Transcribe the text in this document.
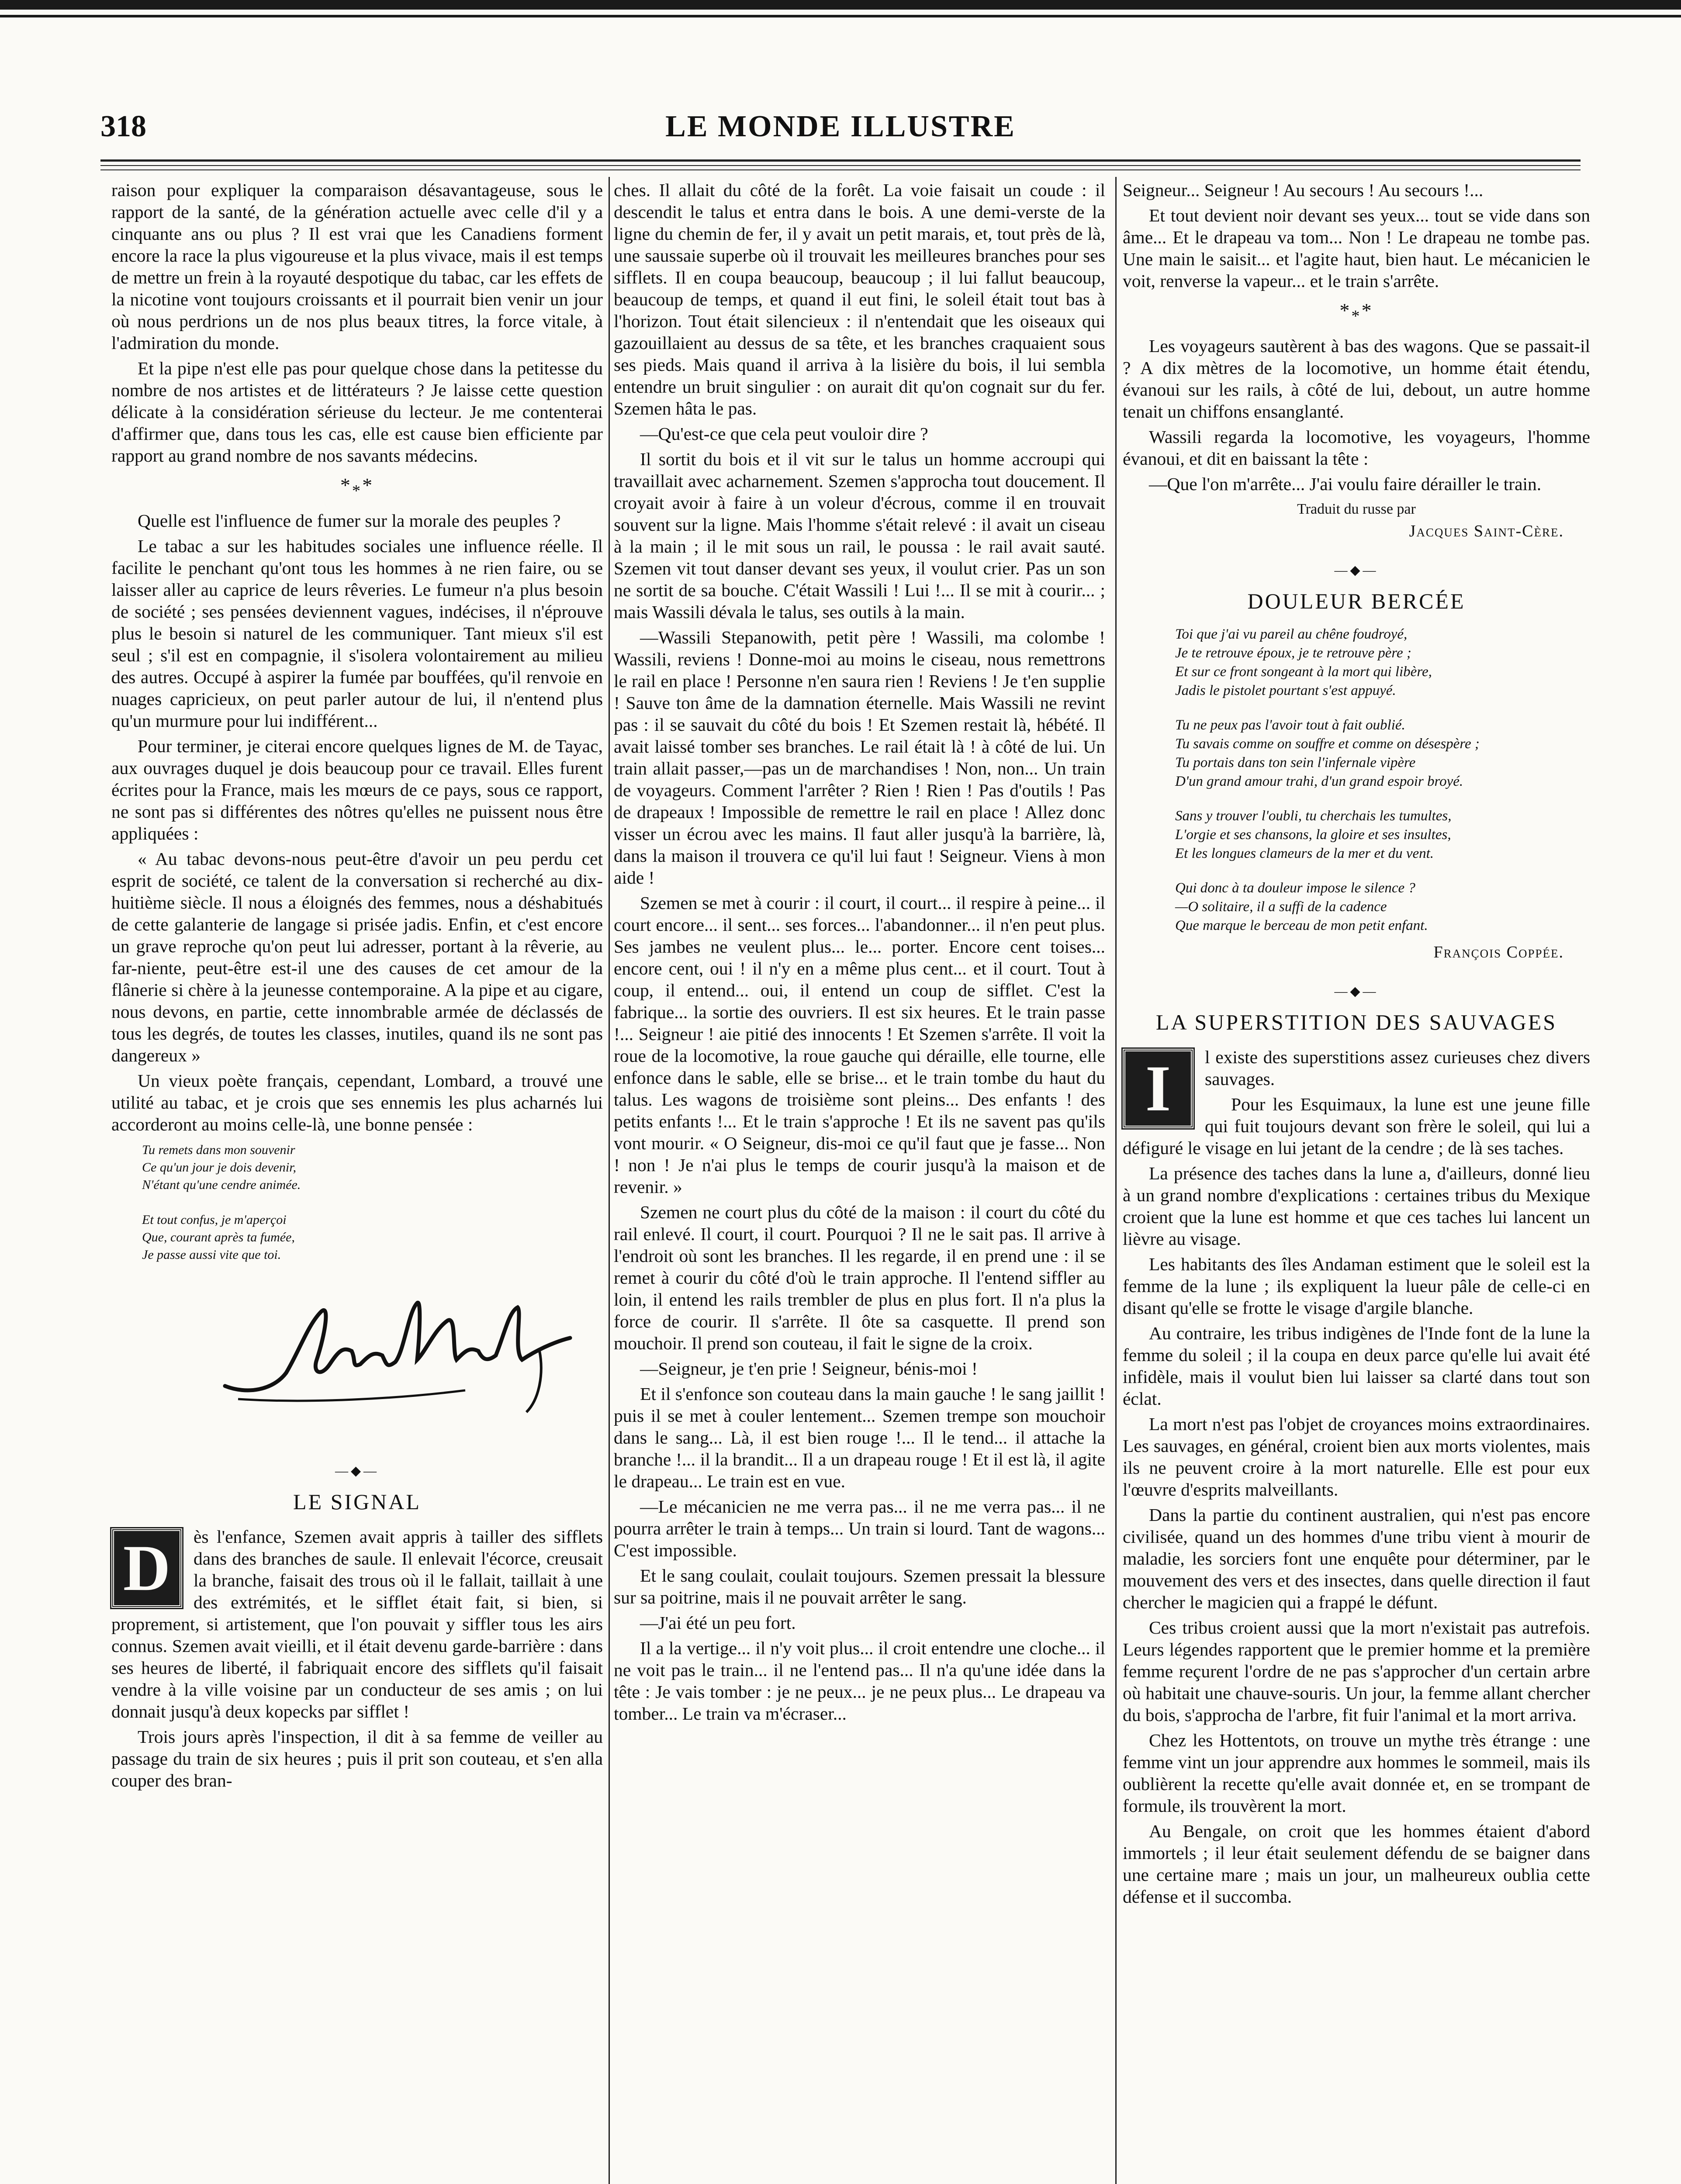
318	LE MONDE ILLUSTRE

raison pour expliquer la comparaison désavantageuse, sous le rapport de la santé, de la génération actuelle avec celle d'il y a cinquante ans ou plus ? Il est vrai que les Canadiens forment encore la race la plus vigoureuse et la plus vivace, mais il est temps de mettre un frein à la royauté despotique du tabac, car les effets de la nicotine vont toujours croissants et il pourrait bien venir un jour où nous perdrions un de nos plus beaux titres, la force vitale, à l'admiration du monde.

Et la pipe n'est elle pas pour quelque chose dans la petitesse du nombre de nos artistes et de littérateurs ? Je laisse cette question délicate à la considération sérieuse du lecteur. Je me contenterai d'affirmer que, dans tous les cas, elle est cause bien efficiente par rapport au grand nombre de nos savants médecins.

$*_**$

Quelle est l'influence de fumer sur la morale des peuples ?

Le tabac a sur les habitudes sociales une influence réelle. Il facilite le penchant qu'ont tous les hommes à ne rien faire, ou se laisser aller au caprice de leurs rêveries. Le fumeur n'a plus besoin de société ; ses pensées deviennent vagues, indécises, il n'éprouve plus le besoin si naturel de les communiquer. Tant mieux s'il est seul ; s'il est en compagnie, il s'isolera volontairement au milieu des autres. Occupé à aspirer la fumée par bouffées, qu'il renvoie en nuages capricieux, on peut parler autour de lui, il n'entend plus qu'un murmure pour lui indifférent...

Pour terminer, je citerai encore quelques lignes de M. de Tayac, aux ouvrages duquel je dois beaucoup pour ce travail. Elles furent écrites pour la France, mais les mœurs de ce pays, sous ce rapport, ne sont pas si différentes des nôtres qu'elles ne puissent nous être appliquées :

« Au tabac devons-nous peut-être d'avoir un peu perdu cet esprit de société, ce talent de la conversation si recherché au dix-huitième siècle. Il nous a éloignés des femmes, nous a déshabitués de cette galanterie de langage si prisée jadis. Enfin, et c'est encore un grave reproche qu'on peut lui adresser, portant à la rêverie, au far-niente, peut-être est-il une des causes de cet amour de la flânerie si chère à la jeunesse contemporaine. A la pipe et au cigare, nous devons, en partie, cette innombrable armée de déclassés de tous les degrés, de toutes les classes, inutiles, quand ils ne sont pas dangereux »

Un vieux poète français, cependant, Lombard, a trouvé une utilité au tabac, et je crois que ses ennemis les plus acharnés lui accorderont au moins celle-là, une bonne pensée :

Tu remets dans mon souvenir
Ce qu'un jour je dois devenir,
N'étant qu'une cendre animée.
Et tout confus, je m'aperçoi
Que, courant après ta fumée,
Je passe aussi vite que toi.
—◆—
LE SIGNAL

D	ès l'enfance, Szemen avait appris à tailler des sifflets dans des branches de saule. Il enlevait l'écorce, creusait la branche, faisait des trous où il le fallait, taillait à une des extrémités, et le sifflet était fait, si bien, si proprement, si artistement, que l'on pouvait y siffler tous les airs connus. Szemen avait vieilli, et il était devenu garde-barrière : dans ses heures de liberté, il fabriquait encore des sifflets qu'il faisait vendre à la ville voisine par un conducteur de ses amis ; on lui donnait jusqu'à deux kopecks par sifflet !

Trois jours après l'inspection, il dit à sa femme de veiller au passage du train de six heures ; puis il prit son couteau, et s'en alla couper des bran-

ches. Il allait du côté de la forêt. La voie faisait un coude : il descendit le talus et entra dans le bois. A une demi-verste de la ligne du chemin de fer, il y avait un petit marais, et, tout près de là, une saussaie superbe où il trouvait les meilleures branches pour ses sifflets. Il en coupa beaucoup, beaucoup ; il lui fallut beaucoup, beaucoup de temps, et quand il eut fini, le soleil était tout bas à l'horizon. Tout était silencieux : il n'entendait que les oiseaux qui gazouillaient au dessus de sa tête, et les branches craquaient sous ses pieds. Mais quand il arriva à la lisière du bois, il lui sembla entendre un bruit singulier : on aurait dit qu'on cognait sur du fer. Szemen hâta le pas.

—Qu'est-ce que cela peut vouloir dire ?

Il sortit du bois et il vit sur le talus un homme accroupi qui travaillait avec acharnement. Szemen s'approcha tout doucement. Il croyait avoir à faire à un voleur d'écrous, comme il en trouvait souvent sur la ligne. Mais l'homme s'était relevé : il avait un ciseau à la main ; il le mit sous un rail, le poussa : le rail avait sauté. Szemen vit tout danser devant ses yeux, il voulut crier. Pas un son ne sortit de sa bouche. C'était Wassili ! Lui !... Il se mit à courir... ; mais Wassili dévala le talus, ses outils à la main.

—Wassili Stepanowith, petit père ! Wassili, ma colombe ! Wassili, reviens ! Donne-moi au moins le ciseau, nous remettrons le rail en place ! Personne n'en saura rien ! Reviens ! Je t'en supplie ! Sauve ton âme de la damnation éternelle. Mais Wassili ne revint pas : il se sauvait du côté du bois ! Et Szemen restait là, hébété. Il avait laissé tomber ses branches. Le rail était là ! à côté de lui. Un train allait passer,—pas un de marchandises ! Non, non... Un train de voyageurs. Comment l'arrêter ? Rien ! Rien ! Pas d'outils ! Pas de drapeaux ! Impossible de remettre le rail en place ! Allez donc visser un écrou avec les mains. Il faut aller jusqu'à la barrière, là, dans la maison il trouvera ce qu'il lui faut ! Seigneur. Viens à mon aide !

Szemen se met à courir : il court, il court... il respire à peine... il court encore... il sent... ses forces... l'abandonner... il n'en peut plus. Ses jambes ne veulent plus... le... porter. Encore cent toises... encore cent, oui ! il n'y en a même plus cent... et il court. Tout à coup, il entend... oui, il entend un coup de sifflet. C'est la fabrique... la sortie des ouvriers. Il est six heures. Et le train passe !... Seigneur ! aie pitié des innocents ! Et Szemen s'arrête. Il voit la roue de la locomotive, la roue gauche qui déraille, elle tourne, elle enfonce dans le sable, elle se brise... et le train tombe du haut du talus. Les wagons de troisième sont pleins... Des enfants ! des petits enfants !... Et le train s'approche ! Et ils ne savent pas qu'ils vont mourir. « O Seigneur, dis-moi ce qu'il faut que je fasse... Non ! non ! Je n'ai plus le temps de courir jusqu'à la maison et de revenir. »

Szemen ne court plus du côté de la maison : il court du côté du rail enlevé. Il court, il court. Pourquoi ? Il ne le sait pas. Il arrive à l'endroit où sont les branches. Il les regarde, il en prend une : il se remet à courir du côté d'où le train approche. Il l'entend siffler au loin, il entend les rails trembler de plus en plus fort. Il n'a plus la force de courir. Il s'arrête. Il ôte sa casquette. Il prend son mouchoir. Il prend son couteau, il fait le signe de la croix.

—Seigneur, je t'en prie ! Seigneur, bénis-moi !

Et il s'enfonce son couteau dans la main gauche ! le sang jaillit ! puis il se met à couler lentement... Szemen trempe son mouchoir dans le sang... Là, il est bien rouge !... Il le tend... il attache la branche !... il la brandit... Il a un drapeau rouge ! Et il est là, il agite le drapeau... Le train est en vue.

—Le mécanicien ne me verra pas... il ne me verra pas... il ne pourra arrêter le train à temps... Un train si lourd. Tant de wagons... C'est impossible.

Et le sang coulait, coulait toujours. Szemen pressait la blessure sur sa poitrine, mais il ne pouvait arrêter le sang.

—J'ai été un peu fort.

Il a la vertige... il n'y voit plus... il croit entendre une cloche... il ne voit pas le train... il ne l'entend pas... Il n'a qu'une idée dans la tête : Je vais tomber : je ne peux... je ne peux plus... Le drapeau va tomber... Le train va m'écraser...

Seigneur... Seigneur ! Au secours ! Au secours !...

Et tout devient noir devant ses yeux... tout se vide dans son âme... Et le drapeau va tom... Non ! Le drapeau ne tombe pas. Une main le saisit... et l'agite haut, bien haut. Le mécanicien le voit, renverse la vapeur... et le train s'arrête.

$*_**$

Les voyageurs sautèrent à bas des wagons. Que se passait-il ? A dix mètres de la locomotive, un homme était étendu, évanoui sur les rails, à côté de lui, debout, un autre homme tenait un chiffons ensanglanté.

Wassili regarda la locomotive, les voyageurs, l'homme évanoui, et dit en baissant la tête :

—Que l'on m'arrête... J'ai voulu faire dérailler le train.

Traduit du russe par
Jacques Saint-Cère.
—◆—
DOULEUR BERCÉE
Toi que j'ai vu pareil au chêne foudroyé,
Je te retrouve époux, je te retrouve père ;
Et sur ce front songeant à la mort qui libère,
Jadis le pistolet pourtant s'est appuyé.
Tu ne peux pas l'avoir tout à fait oublié.
Tu savais comme on souffre et comme on désespère ;
Tu portais dans ton sein l'infernale vipère
D'un grand amour trahi, d'un grand espoir broyé.
Sans y trouver l'oubli, tu cherchais les tumultes,
L'orgie et ses chansons, la gloire et ses insultes,
Et les longues clameurs de la mer et du vent.
Qui donc à ta douleur impose le silence ?
—O solitaire, il a suffi de la cadence
Que marque le berceau de mon petit enfant.
François Coppée.
—◆—
LA SUPERSTITION DES SAUVAGES

I	l existe des superstitions assez curieuses chez divers sauvages.

Pour les Esquimaux, la lune est une jeune fille qui fuit toujours devant son frère le soleil, qui lui a défiguré le visage en lui jetant de la cendre ; de là ses taches.

La présence des taches dans la lune a, d'ailleurs, donné lieu à un grand nombre d'explications : certaines tribus du Mexique croient que la lune est homme et que ces taches lui lancent un lièvre au visage.

Les habitants des îles Andaman estiment que le soleil est la femme de la lune ; ils expliquent la lueur pâle de celle-ci en disant qu'elle se frotte le visage d'argile blanche.

Au contraire, les tribus indigènes de l'Inde font de la lune la femme du soleil ; il la coupa en deux parce qu'elle lui avait été infidèle, mais il voulut bien lui laisser sa clarté dans tout son éclat.

La mort n'est pas l'objet de croyances moins extraordinaires. Les sauvages, en général, croient bien aux morts violentes, mais ils ne peuvent croire à la mort naturelle. Elle est pour eux l'œuvre d'esprits malveillants.

Dans la partie du continent australien, qui n'est pas encore civilisée, quand un des hommes d'une tribu vient à mourir de maladie, les sorciers font une enquête pour déterminer, par le mouvement des vers et des insectes, dans quelle direction il faut chercher le magicien qui a frappé le défunt.

Ces tribus croient aussi que la mort n'existait pas autrefois. Leurs légendes rapportent que le premier homme et la première femme reçurent l'ordre de ne pas s'approcher d'un certain arbre où habitait une chauve-souris. Un jour, la femme allant chercher du bois, s'approcha de l'arbre, fit fuir l'animal et la mort arriva.

Chez les Hottentots, on trouve un mythe très étrange : une femme vint un jour apprendre aux hommes le sommeil, mais ils oublièrent la recette qu'elle avait donnée et, en se trompant de formule, ils trouvèrent la mort.

Au Bengale, on croit que les hommes étaient d'abord immortels ; il leur était seulement défendu de se baigner dans une certaine mare ; mais un jour, un malheureux oublia cette défense et il succomba.
